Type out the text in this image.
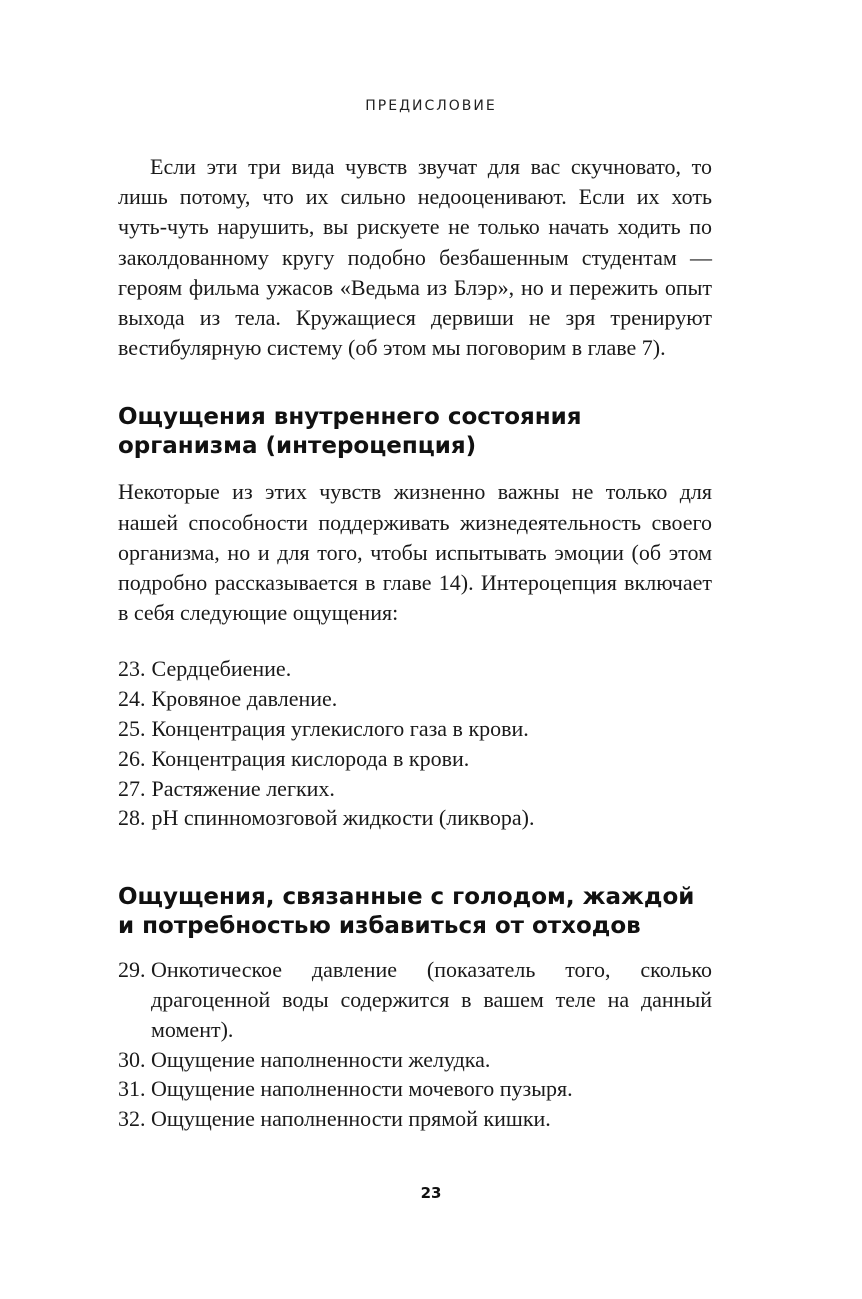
ПРЕДИСЛОВИЕ

Если эти три вида чувств звучат для вас скучновато, то лишь потому, что их сильно недооценивают. Если их хоть чуть-чуть нарушить, вы рискуете не только начать ходить по заколдованному кругу подобно безбашенным студентам — героям фильма ужасов «Ведьма из Блэр», но и пережить опыт выхода из тела. Кружащиеся дервиши не зря тренируют вестибулярную систему (об этом мы поговорим в главе 7).

Ощущения внутреннего состояния организма (интероцепция)

Некоторые из этих чувств жизненно важны не только для нашей способности поддерживать жизнедеятельность своего организма, но и для того, чтобы испытывать эмоции (об этом подробно рассказывается в главе 14). Интероцепция включает в себя следующие ощущения:

23. Сердцебиение.
24. Кровяное давление.
25. Концентрация углекислого газа в крови.
26. Концентрация кислорода в крови.
27. Растяжение легких.
28. pH спинномозговой жидкости (ликвора).
Ощущения, связанные с голодом, жаждой и потребностью избавиться от отходов
29. Онкотическое давление (показатель того, сколько драгоценной воды содержится в вашем теле на данный момент).
30. Ощущение наполненности желудка.
31. Ощущение наполненности мочевого пузыря.
32. Ощущение наполненности прямой кишки.
23
